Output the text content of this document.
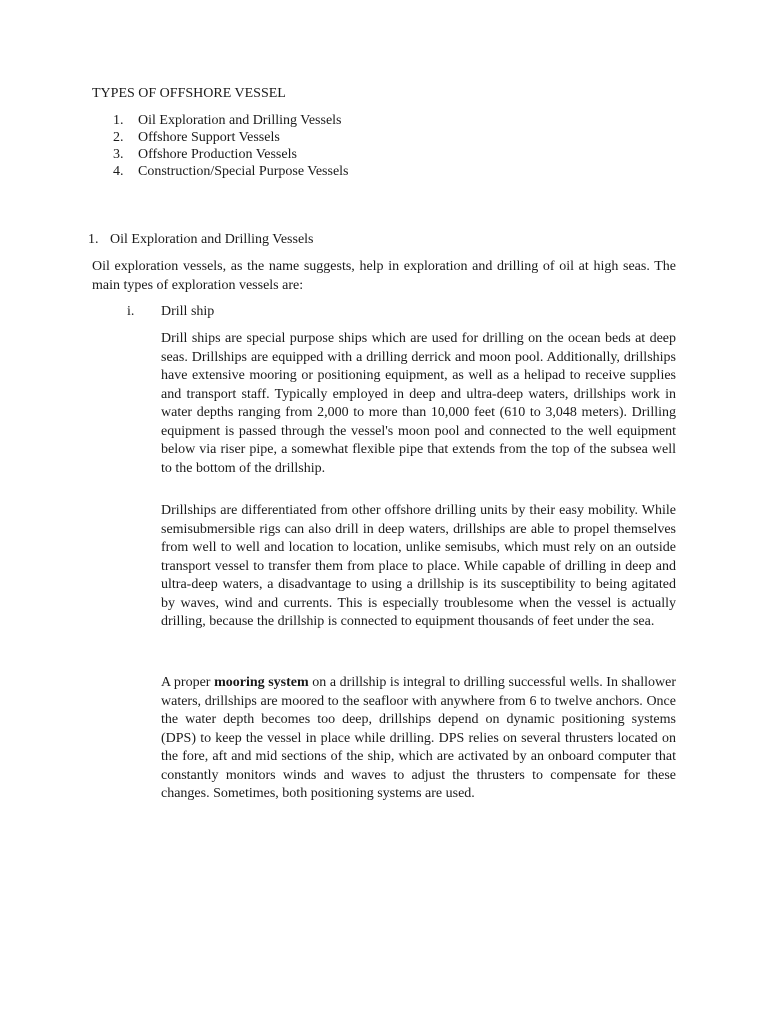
TYPES OF OFFSHORE VESSEL
1. Oil Exploration and Drilling Vessels
2. Offshore Support Vessels
3. Offshore Production Vessels
4. Construction/Special Purpose Vessels
1. Oil Exploration and Drilling Vessels

Oil exploration vessels, as the name suggests, help in exploration and drilling of oil at high seas. The main types of exploration vessels are:

i. Drill ship

Drill ships are special purpose ships which are used for drilling on the ocean beds at deep seas. Drillships are equipped with a drilling derrick and moon pool. Additionally, drillships have extensive mooring or positioning equipment, as well as a helipad to receive supplies and transport staff. Typically employed in deep and ultra-deep waters, drillships work in water depths ranging from 2,000 to more than 10,000 feet (610 to 3,048 meters). Drilling equipment is passed through the vessel's moon pool and connected to the well equipment below via riser pipe, a somewhat flexible pipe that extends from the top of the subsea well to the bottom of the drillship.

Drillships are differentiated from other offshore drilling units by their easy mobility. While semisubmersible rigs can also drill in deep waters, drillships are able to propel themselves from well to well and location to location, unlike semisubs, which must rely on an outside transport vessel to transfer them from place to place. While capable of drilling in deep and ultra-deep waters, a disadvantage to using a drillship is its susceptibility to being agitated by waves, wind and currents. This is especially troublesome when the vessel is actually drilling, because the drillship is connected to equipment thousands of feet under the sea.

A proper mooring system on a drillship is integral to drilling successful wells. In shallower waters, drillships are moored to the seafloor with anywhere from 6 to twelve anchors. Once the water depth becomes too deep, drillships depend on dynamic positioning systems (DPS) to keep the vessel in place while drilling. DPS relies on several thrusters located on the fore, aft and mid sections of the ship, which are activated by an onboard computer that constantly monitors winds and waves to adjust the thrusters to compensate for these changes. Sometimes, both positioning systems are used.
